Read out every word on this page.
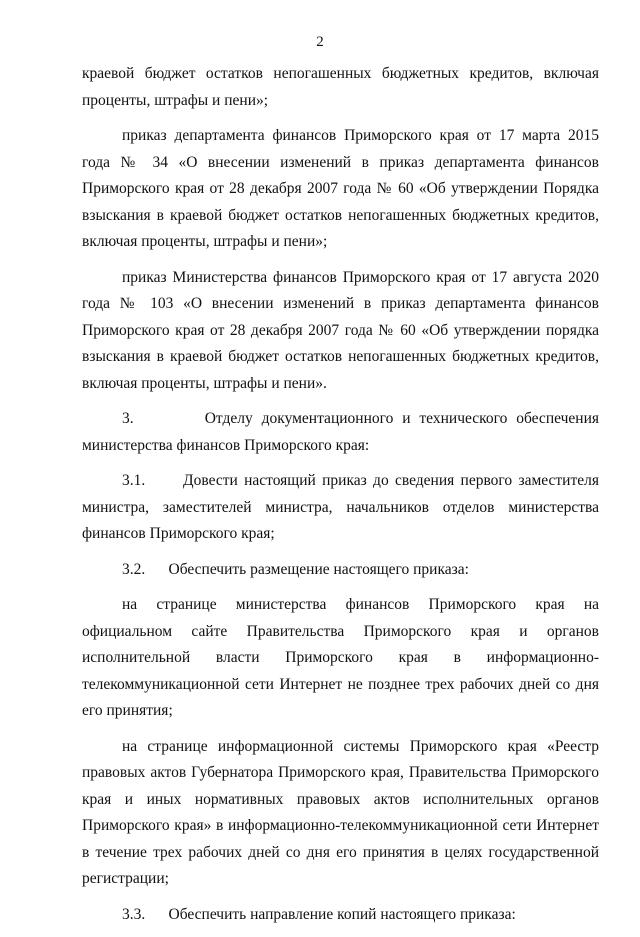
2

краевой бюджет остатков непогашенных бюджетных кредитов, включая проценты, штрафы и пени»;

приказ департамента финансов Приморского края от 17 марта 2015 года № 34 «О внесении изменений в приказ департамента финансов Приморского края от 28 декабря 2007 года № 60 «Об утверждении Порядка взыскания в краевой бюджет остатков непогашенных бюджетных кредитов, включая проценты, штрафы и пени»;

приказ Министерства финансов Приморского края от 17 августа 2020 года № 103 «О внесении изменений в приказ департамента финансов Приморского края от 28 декабря 2007 года № 60 «Об утверждении порядка взыскания в краевой бюджет остатков непогашенных бюджетных кредитов, включая проценты, штрафы и пени».

3.	Отделу документационного и технического обеспечения министерства финансов Приморского края:

3.1. Довести настоящий приказ до сведения первого заместителя министра, заместителей министра, начальников отделов министерства финансов Приморского края;

3.2. Обеспечить размещение настоящего приказа:

на странице министерства финансов Приморского края на официальном сайте Правительства Приморского края и органов исполнительной власти Приморского края в информационно-телекоммуникационной сети Интернет не позднее трех рабочих дней со дня его принятия;

на странице информационной системы Приморского края «Реестр правовых актов Губернатора Приморского края, Правительства Приморского края и иных нормативных правовых актов исполнительных органов Приморского края» в информационно-телекоммуникационной сети Интернет в течение трех рабочих дней со дня его принятия в целях государственной регистрации;

3.3. Обеспечить направление копий настоящего приказа:
